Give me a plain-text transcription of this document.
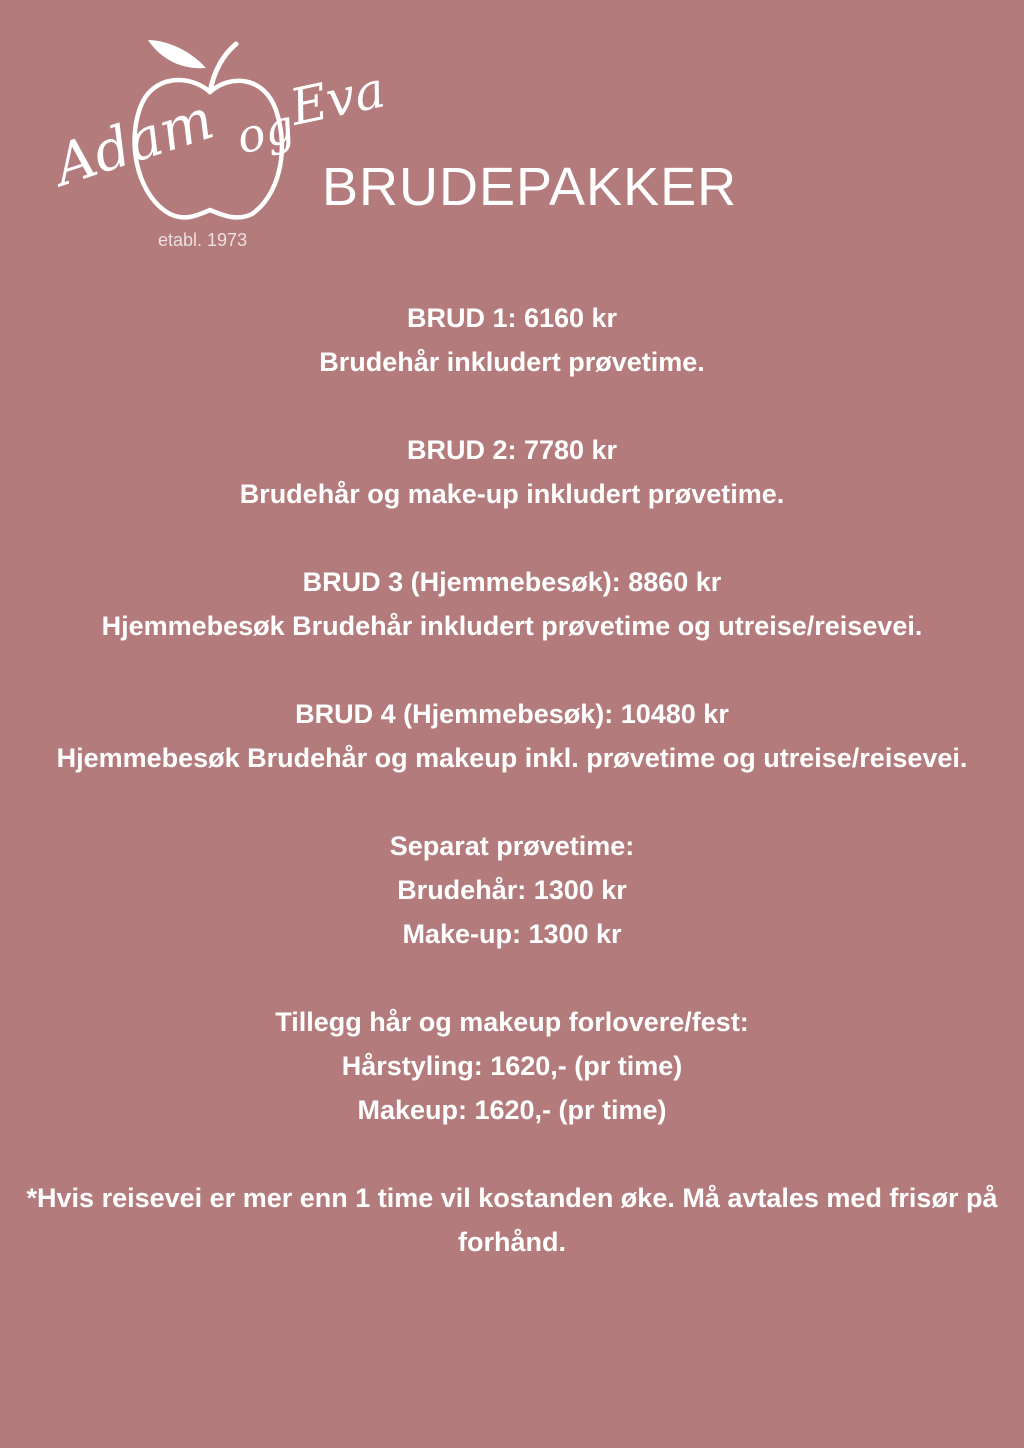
Adam og
Eva
etabl. 1973
BRUDEPAKKER
BRUD 1: 6160 kr
Brudehår inkludert prøvetime.
BRUD 2: 7780 kr
Brudehår og make-up inkludert prøvetime.
BRUD 3 (Hjemmebesøk): 8860 kr
Hjemmebesøk Brudehår inkludert prøvetime og utreise/reisevei.
BRUD 4 (Hjemmebesøk): 10480 kr
Hjemmebesøk Brudehår og makeup inkl. prøvetime og utreise/reisevei.
Separat prøvetime:
Brudehår: 1300 kr
Make-up: 1300 kr
Tillegg hår og makeup forlovere/fest:
Hårstyling: 1620,- (pr time)
Makeup: 1620,- (pr time)
*Hvis reisevei er mer enn 1 time vil kostanden øke. Må avtales med frisør på forhånd.
